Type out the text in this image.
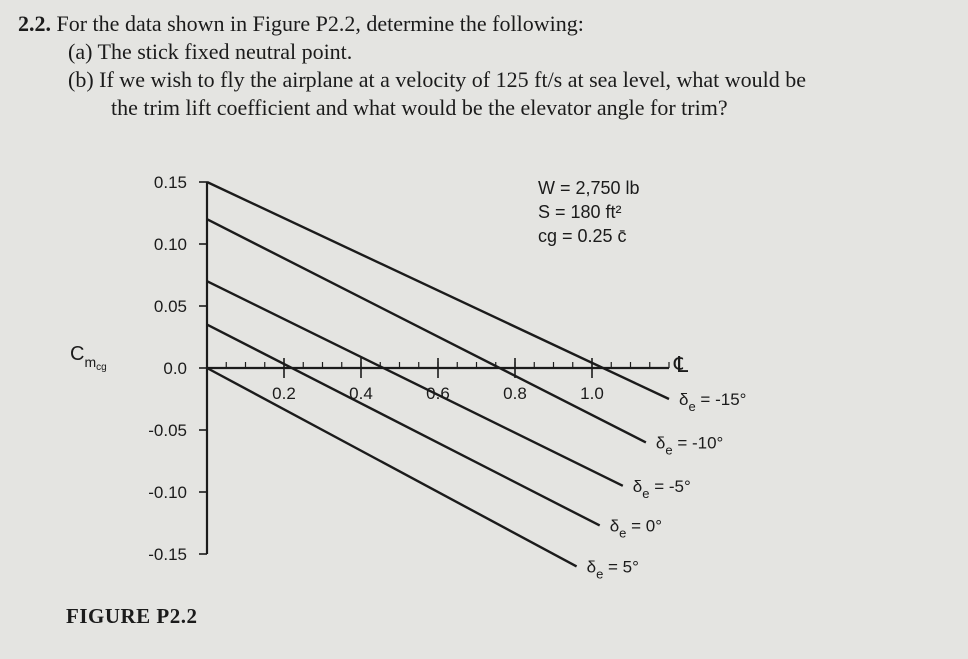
2.2. For the data shown in Figure P2.2, determine the following:
(a) The stick fixed neutral point.
(b) If we wish to fly the airplane at a velocity of 125 ft/s at sea level, what would be
the trim lift coefficient and what would be the elevator angle for trim?
0.15
0.10
0.05
0.0
-0.05
-0.10
-0.15
0.2	0.4	0.6	0.8	1.0	$\delta_e = -15^\circ$
$\delta_e = -10^\circ$
$\delta_e = -5^\circ$
$\delta_e = 0^\circ$
$\delta_e = 5^\circ$
W = 2,750 lb
S = 180 ft²
cg = 0.25 c̄
$C_mcg$	℄
FIGURE P2.2
